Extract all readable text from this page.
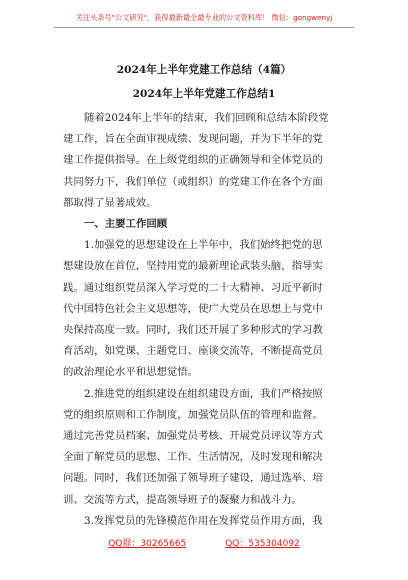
关注头条号"公文研究"，获得最新最全最专业的公文资料库！ 微信：gongwenyj
2024年上半年党建工作总结（4篇）
2024年上半年党建工作总结1

随着2024年上半年的结束，我们回顾和总结本阶段党
建工作，旨在全面审视成绩、发现问题，并为下半年的党
建工作提供指导。在上级党组织的正确领导和全体党员的
共同努力下，我们单位（或组织）的党建工作在各个方面
都取得了显著成效。

一、主要工作回顾

1.加强党的思想建设在上半年中，我们始终把党的思
想建设放在首位，坚持用党的最新理论武装头脑，指导实
践。通过组织党员深入学习党的二十大精神、习近平新时
代中国特色社会主义思想等，使广大党员在思想上与党中
央保持高度一致。同时，我们还开展了多种形式的学习教
育活动，如党课、主题党日、座谈交流等，不断提高党员
的政治理论水平和思想觉悟。

2.推进党的组织建设在组织建设方面，我们严格按照
党的组织原则和工作制度，加强党员队伍的管理和监督。
通过完善党员档案、加强党员考核、开展党员评议等方式
全面了解党员的思想、工作、生活情况，及时发现和解决
问题。同时，我们还加强了领导班子建设，通过选举、培
训、交流等方式，提高领导班子的凝聚力和战斗力。

3.发挥党员的先锋模范作用在发挥党员作用方面，我

QQ群：30265665	QQ：535304092
